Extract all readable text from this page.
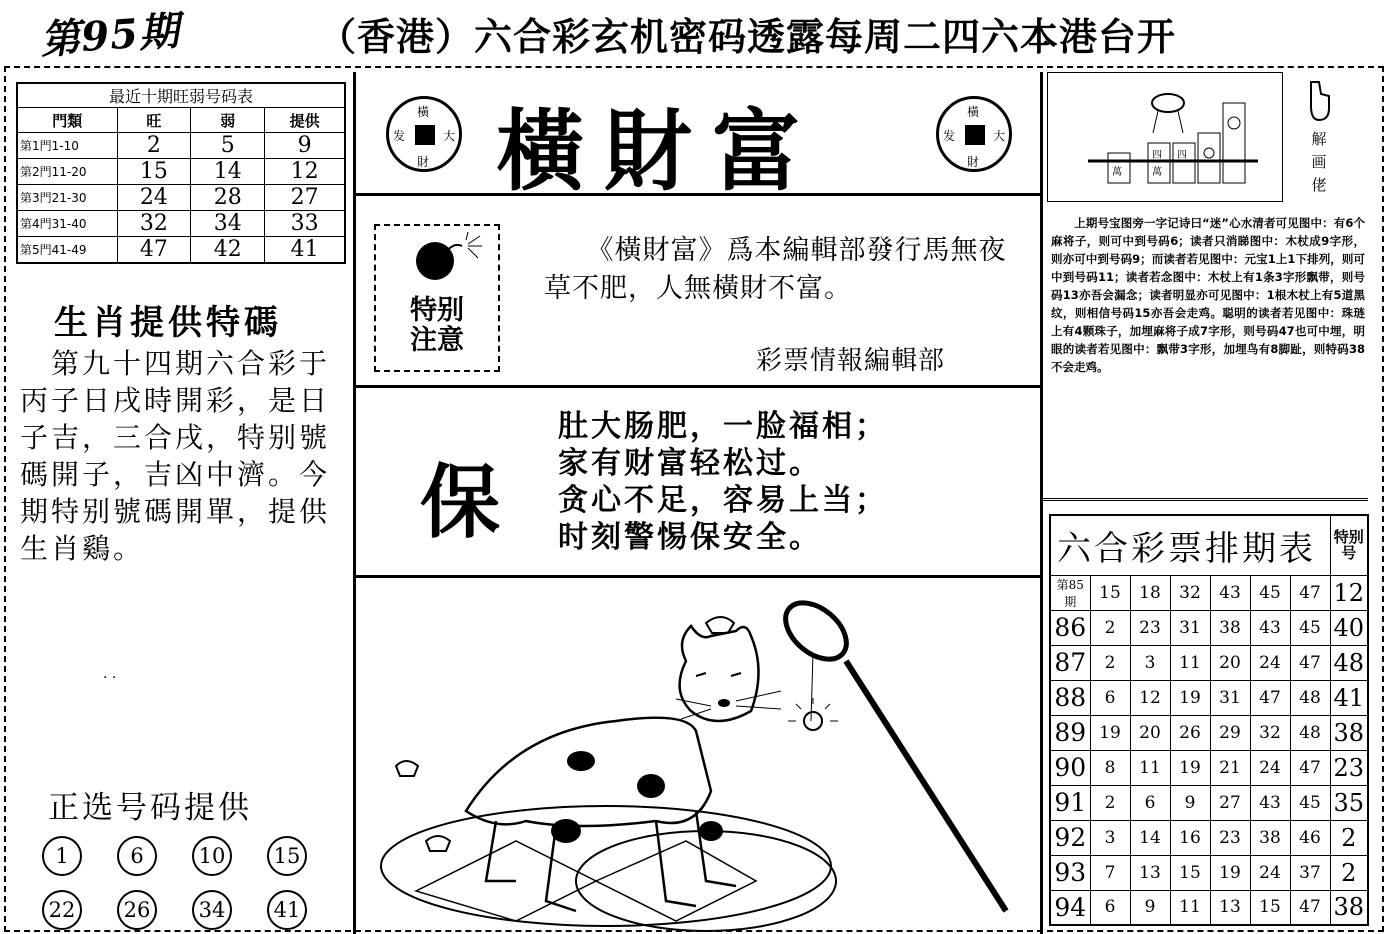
第95期	（香港）六合彩玄机密码透露每周二四六本港台开
最近十期旺弱号码表			
門類	旺	弱	提供
第1門1-10	2	5	9
第2門11-20	15	14	12
第3門21-30	24	28	27
第4門31-40	32	34	33
第5門41-49	47	42	41
生肖提供特碼
　第九十四期六合彩于丙子日戌時開彩，是日子吉，三合戌，特别號碼開子，吉凶中濟。今期特别號碼開單，提供生肖鷄。
· ·
正选号码提供
1	6	10	15
22	26	34	41
橫
大
財
发 橫財富	橫
大
財
发
特别
注意
　　《橫財富》爲本編輯部發行馬無夜草不肥，人無橫財不富。
彩票情報編輯部
保
肚大肠肥，一脸福相；
家有财富轻松过。
贪心不足，容易上当；
时刻警惕保安全。
萬
四 四
萬
解
画
佬
　　上期号宝图旁一字记诗曰“迷”心水清者可见图中：有6个麻将子，则可中到号码6；读者只消睇图中：木杖成9字形，则亦可中到号码9；而读者若见图中：元宝1上1下排列，则可中到号码11；读者若念图中：木杖上有1条3字形飘带，则号码13亦吾会漏念；读者明显亦可见图中：1根木杖上有5道黑纹，则相信号码15亦吾会走鸡。聪明的读者若见图中：珠琏上有4颗珠子，加埋麻将子成7字形，则号码47也可中埋，明眼的读者若见图中：飘带3字形，加埋鸟有8脚趾，则特码38不会走鸡。
六合彩票排期表							特别号
第85期	15	18	32	43	45	47	12
86	2	23	31	38	43	45	40
87	2	3	11	20	24	47	48
88	6	12	19	31	47	48	41
89	19	20	26	29	32	48	38
90	8	11	19	21	24	47	23
91	2	6	9	27	43	45	35
92	3	14	16	23	38	46	2
93	7	13	15	19	24	37	2
94	6	9	11	13	15	47	38
